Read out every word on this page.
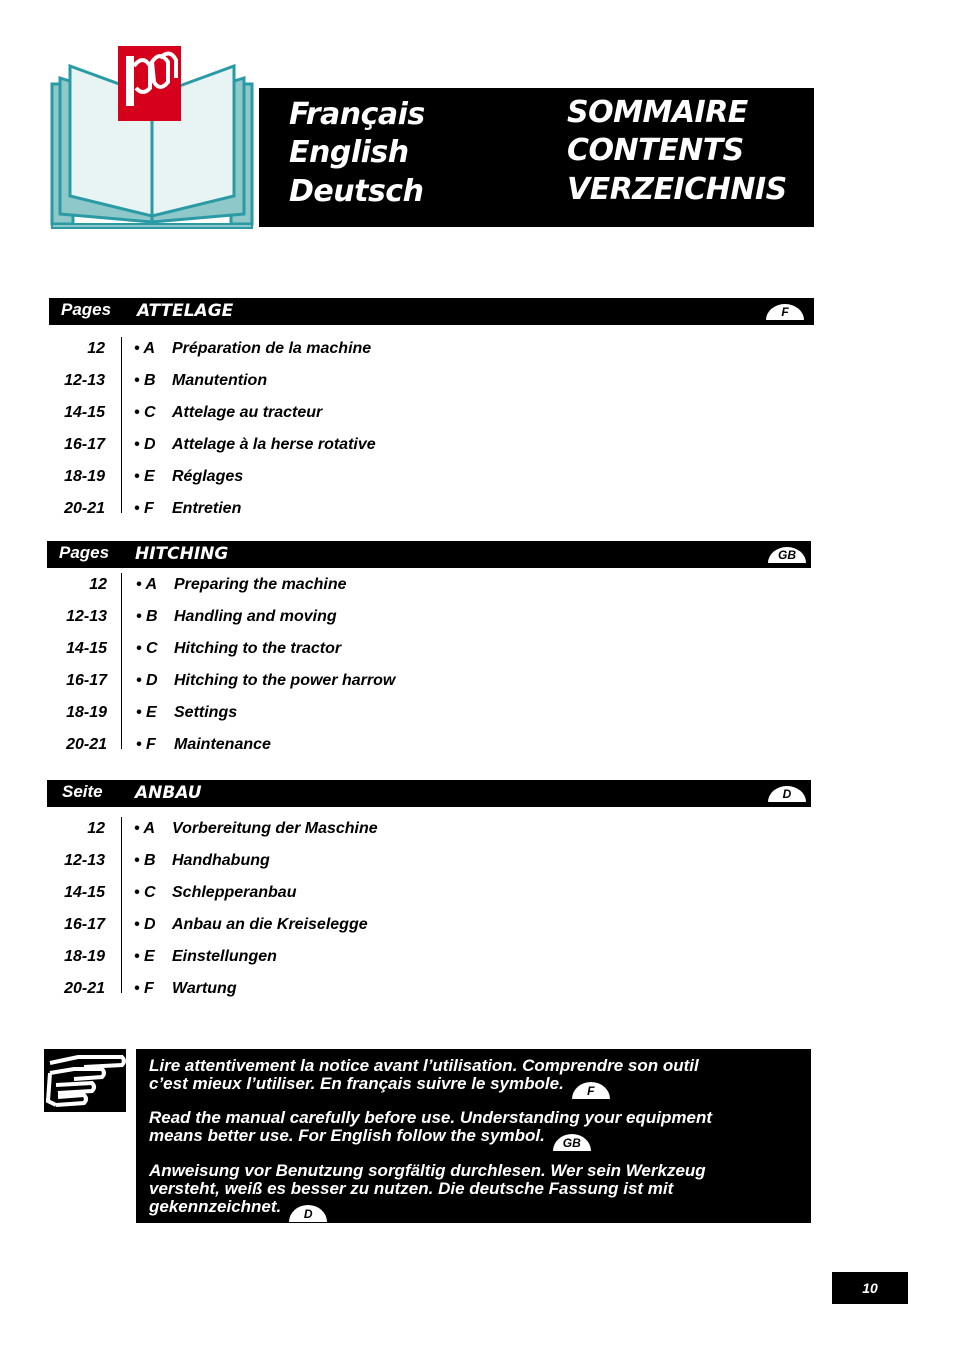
Français
English
Deutsch
SOMMAIRE
CONTENTS
VERZEICHNIS
Pages ATTELAGE	F
12 • A Préparation de la machine
12-13 • B Manutention
14-15 • C Attelage au tracteur
16-17 • D Attelage à la herse rotative
18-19 • E Réglages
20-21 • F Entretien
Pages HITCHING	GB
12 • A Preparing the machine
12-13 • B Handling and moving
14-15 • C Hitching to the tractor
16-17 • D Hitching to the power harrow
18-19 • E Settings
20-21 • F Maintenance
Seite ANBAU	D
12 • A Vorbereitung der Maschine
12-13 • B Handhabung
14-15 • C Schlepperanbau
16-17 • D Anbau an die Kreiselegge
18-19 • E Einstellungen
20-21 • F Wartung
Lire attentivement la notice avant l’utilisation. Comprendre son outil
c’est mieux l’utiliser. En français suivre le symbole. F
Read the manual carefully before use. Understanding your equipment
means better use. For English follow the symbol. GB
Anweisung vor Benutzung sorgfältig durchlesen. Wer sein Werkzeug
versteht, weiß es besser zu nutzen. Die deutsche Fassung ist mit
gekennzeichnet. D
10
